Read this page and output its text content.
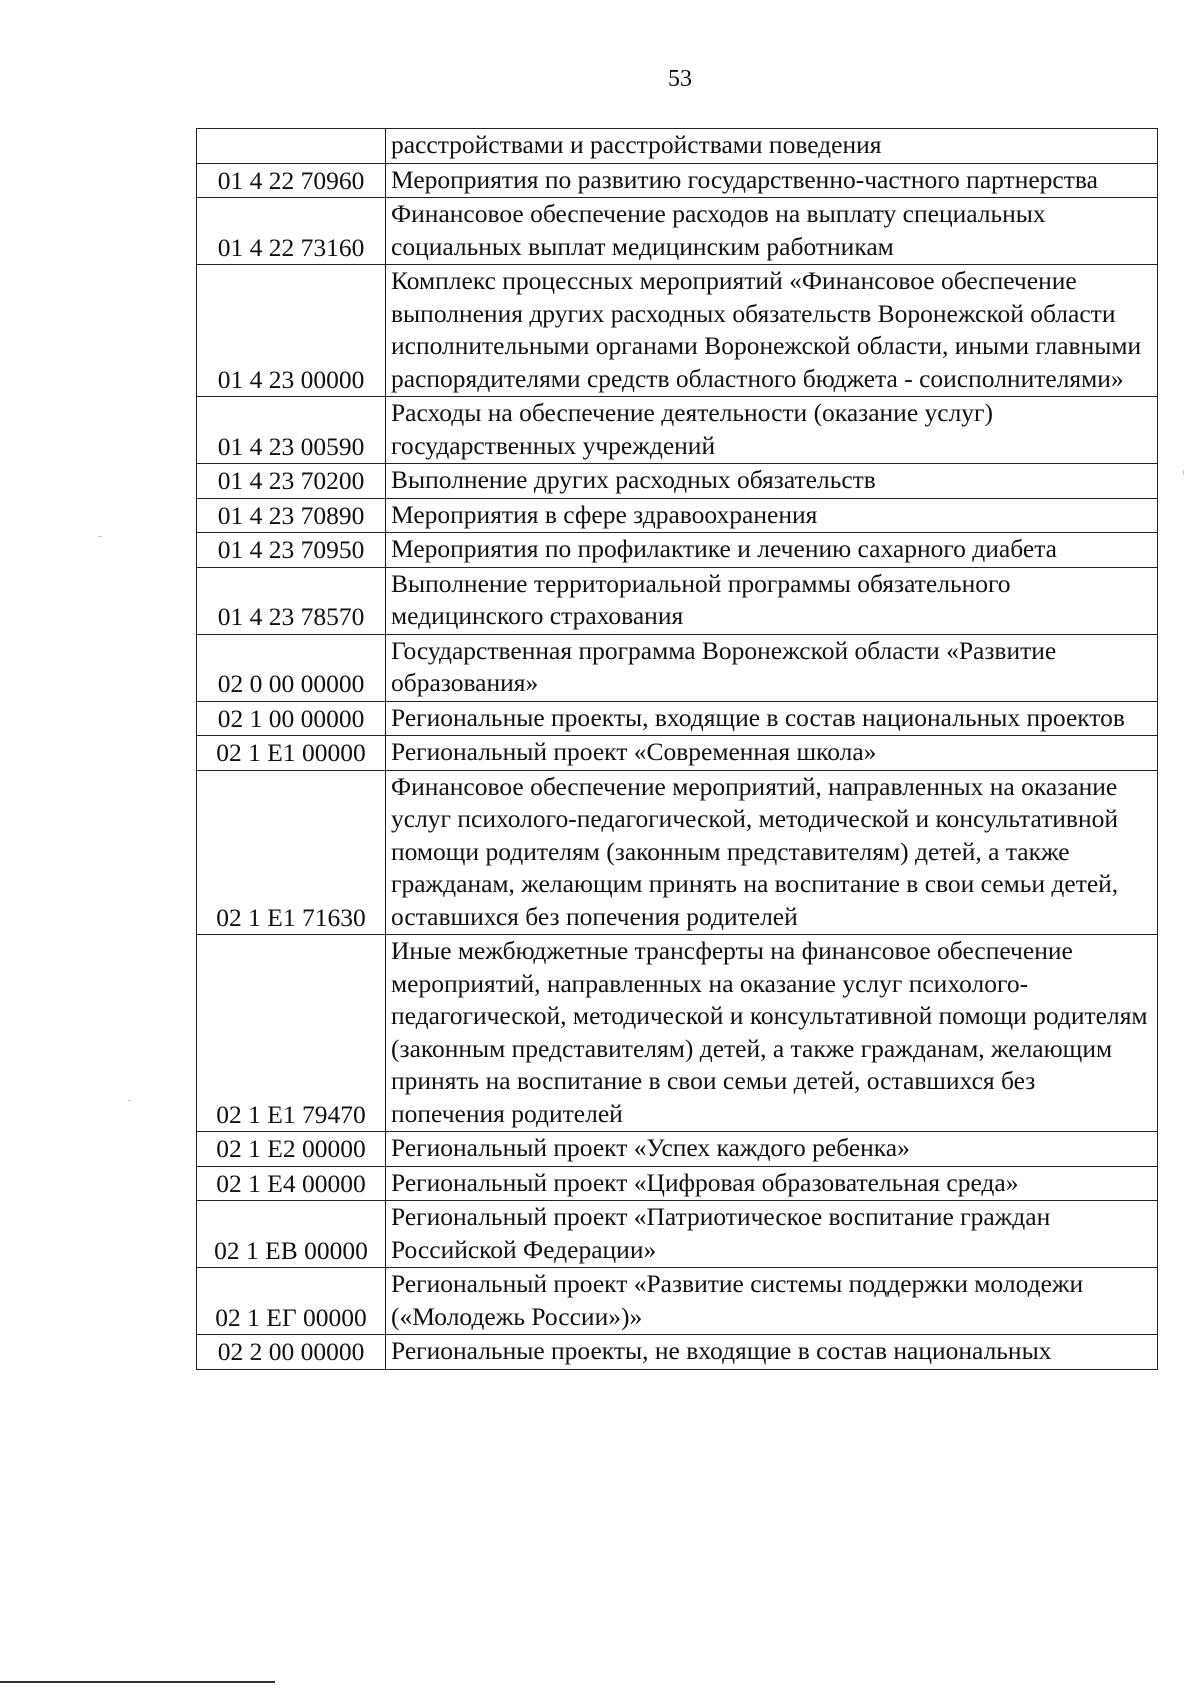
53
	расстройствами и расстройствами поведения
01 4 22 70960	Мероприятия по развитию государственно-частного партнерства
01 4 22 73160	Финансовое обеспечение расходов на выплату специальных социальных выплат медицинским работникам
01 4 23 00000	Комплекс процессных мероприятий «Финансовое обеспечение выполнения других расходных обязательств Воронежской области исполнительными органами Воронежской области, иными главными распорядителями средств областного бюджета - соисполнителями»
01 4 23 00590	Расходы на обеспечение деятельности (оказание услуг) государственных учреждений
01 4 23 70200	Выполнение других расходных обязательств
01 4 23 70890	Мероприятия в сфере здравоохранения
01 4 23 70950	Мероприятия по профилактике и лечению сахарного диабета
01 4 23 78570	Выполнение территориальной программы обязательного медицинского страхования
02 0 00 00000	Государственная программа Воронежской области «Развитие образования»
02 1 00 00000	Региональные проекты, входящие в состав национальных проектов
02 1 E1 00000	Региональный проект «Современная школа»
02 1 E1 71630	Финансовое обеспечение мероприятий, направленных на оказание услуг психолого-педагогической, методической и консультативной помощи родителям (законным представителям) детей, а также гражданам, желающим принять на воспитание в свои семьи детей, оставшихся без попечения родителей
02 1 E1 79470	Иные межбюджетные трансферты на финансовое обеспечение мероприятий, направленных на оказание услуг психолого-педагогической, методической и консультативной помощи родителям (законным представителям) детей, а также гражданам, желающим принять на воспитание в свои семьи детей, оставшихся без попечения родителей
02 1 E2 00000	Региональный проект «Успех каждого ребенка»
02 1 E4 00000	Региональный проект «Цифровая образовательная среда»
02 1 EB 00000	Региональный проект «Патриотическое воспитание граждан Российской Федерации»
02 1 EГ 00000	Региональный проект «Развитие системы поддержки молодежи («Молодежь России»)»
02 2 00 00000	Региональные проекты, не входящие в состав национальных
